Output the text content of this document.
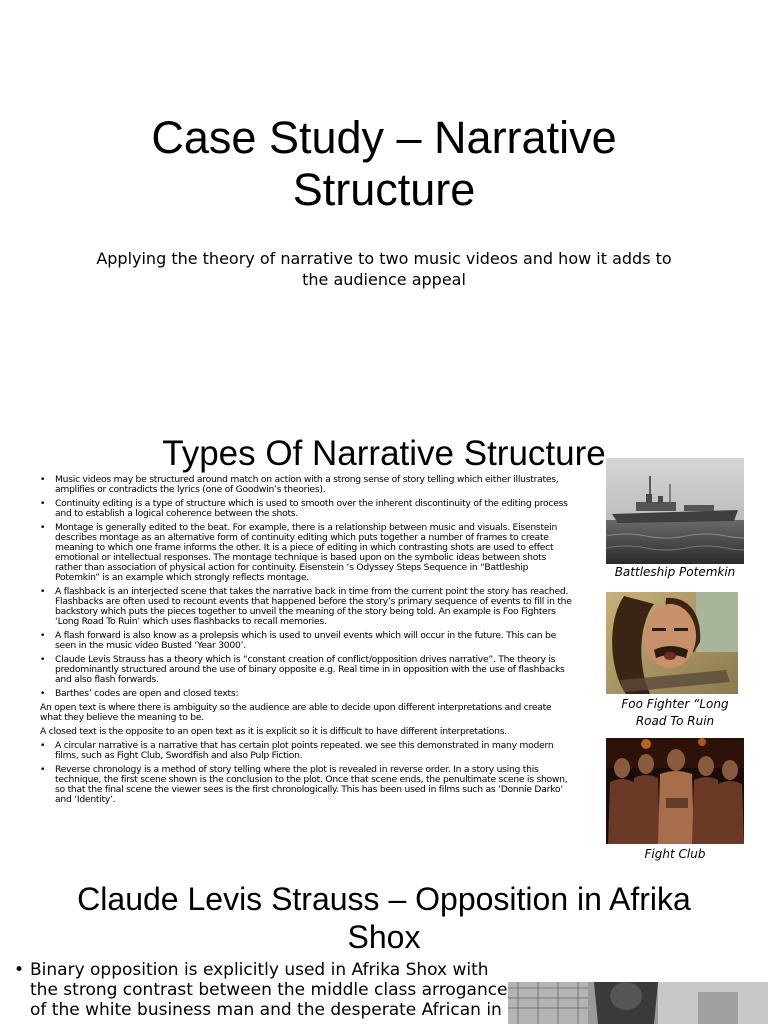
Case Study – Narrative
Structure
Applying the theory of narrative to two music videos and how it adds to
the audience appeal
Types Of Narrative Structure
• Music videos may be structured around match on action with a strong sense of story telling which either illustrates, amplifies or contradicts the lyrics (one of Goodwin’s theories).
• Continuity editing is a type of structure which is used to smooth over the inherent discontinuity of the editing process and to establish a logical coherence between the shots.
• Montage is generally edited to the beat. For example, there is a relationship between music and visuals. Eisenstein describes montage as an alternative form of continuity editing which puts together a number of frames to create meaning to which one frame informs the other. It is a piece of editing in which contrasting shots are used to effect emotional or intellectual responses. The montage technique is based upon on the symbolic ideas between shots rather than association of physical action for continuity. Eisenstein ‘s Odyssey Steps Sequence in “Battleship Potemkin” is an example which strongly reflects montage.
• A flashback is an interjected scene that takes the narrative back in time from the current point the story has reached. Flashbacks are often used to recount events that happened before the story’s primary sequence of events to fill in the backstory which puts the pieces together to unveil the meaning of the story being told. An example is Foo Fighters ‘Long Road To Ruin’ which uses flashbacks to recall memories.
• A flash forward is also know as a prolepsis which is used to unveil events which will occur in the future. This can be seen in the music video Busted ‘Year 3000’.
• Claude Levis Strauss has a theory which is “constant creation of conflict/opposition drives narrative”. The theory is predominantly structured around the use of binary opposite e.g. Real time in in opposition with the use of flashbacks and also flash forwards.
• Barthes’ codes are open and closed texts:
An open text is where there is ambiguity so the audience are able to decide upon different interpretations and create what they believe the meaning to be.
A closed text is the opposite to an open text as it is explicit so it is difficult to have different interpretations.
• A circular narrative is a narrative that has certain plot points repeated. we see this demonstrated in many modern films, such as Fight Club, Swordfish and also Pulp Fiction.
• Reverse chronology is a method of story telling where the plot is revealed in reverse order. In a story using this technique, the first scene shown is the conclusion to the plot. Once that scene ends, the penultimate scene is shown, so that the final scene the viewer sees is the first chronologically. This has been used in films such as ‘Donnie Darko’ and ‘Identity’.
Battleship Potemkin
Foo Fighter “Long
Road To Ruin
Fight Club
Claude Levis Strauss – Opposition in Afrika
Shox
• Binary opposition is explicitly used in Afrika Shox with the strong contrast between the middle class arrogance of the white business man and the desperate African in
